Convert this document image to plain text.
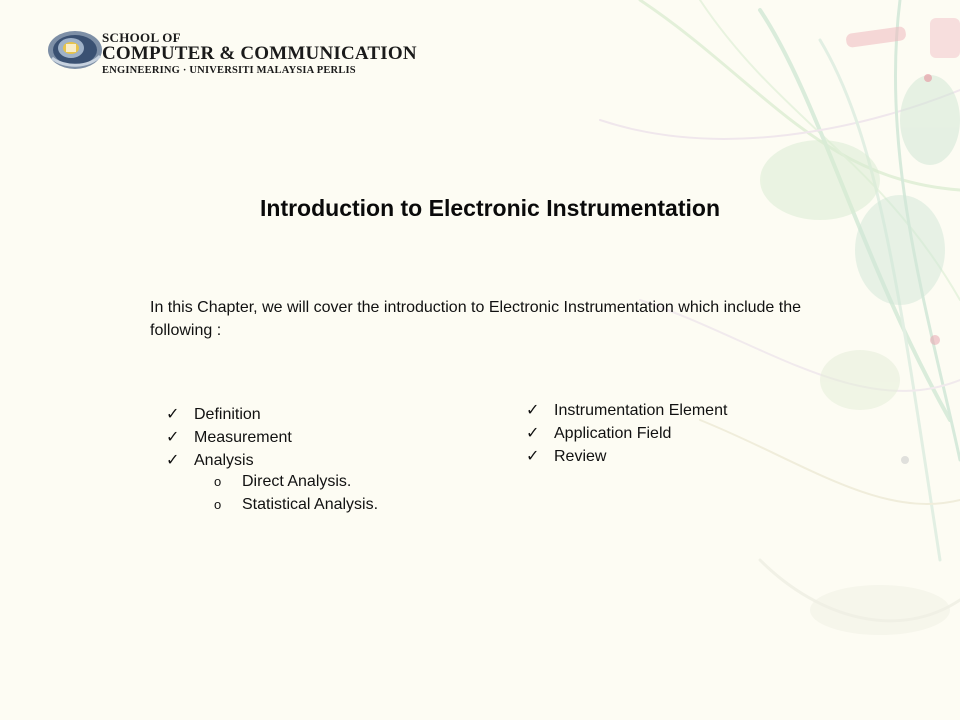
SCHOOL OF
COMPUTER & COMMUNICATION
ENGINEERING · UNIVERSITI MALAYSIA PERLIS
Introduction to Electronic Instrumentation
In this Chapter, we will cover the introduction to Electronic Instrumentation which include the following :
✓ Definition
✓ Measurement
✓ Analysis
o Direct Analysis.
o Statistical Analysis.
✓ Instrumentation Element
✓ Application Field
✓ Review
